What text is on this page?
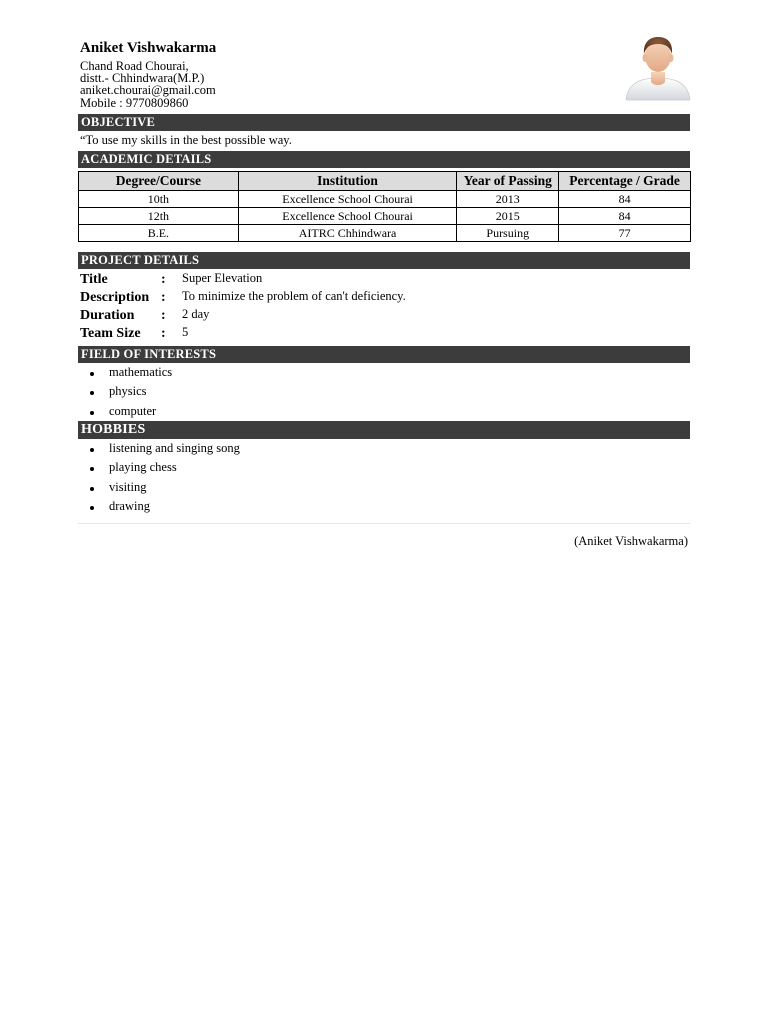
Aniket Vishwakarma
Chand Road Chourai,
distt.- Chhindwara(M.P.)
aniket.chourai@gmail.com
Mobile : 9770809860
OBJECTIVE
“To use my skills in the best possible way.
ACADEMIC DETAILS
Degree/Course	Institution	Year of Passing	Percentage / Grade
10th	Excellence School Chourai	2013	84
12th	Excellence School Chourai	2015	84
B.E.	AITRC Chhindwara	Pursuing	77
PROJECT DETAILS
Title	: Super Elevation
Description : To minimize the problem of can't deficiency.
Duration	: 2 day
Team Size	: 5
FIELD OF INTERESTS
mathematics
physics
computer
HOBBIES
listening and singing song
playing chess
visiting
drawing
(Aniket Vishwakarma)
